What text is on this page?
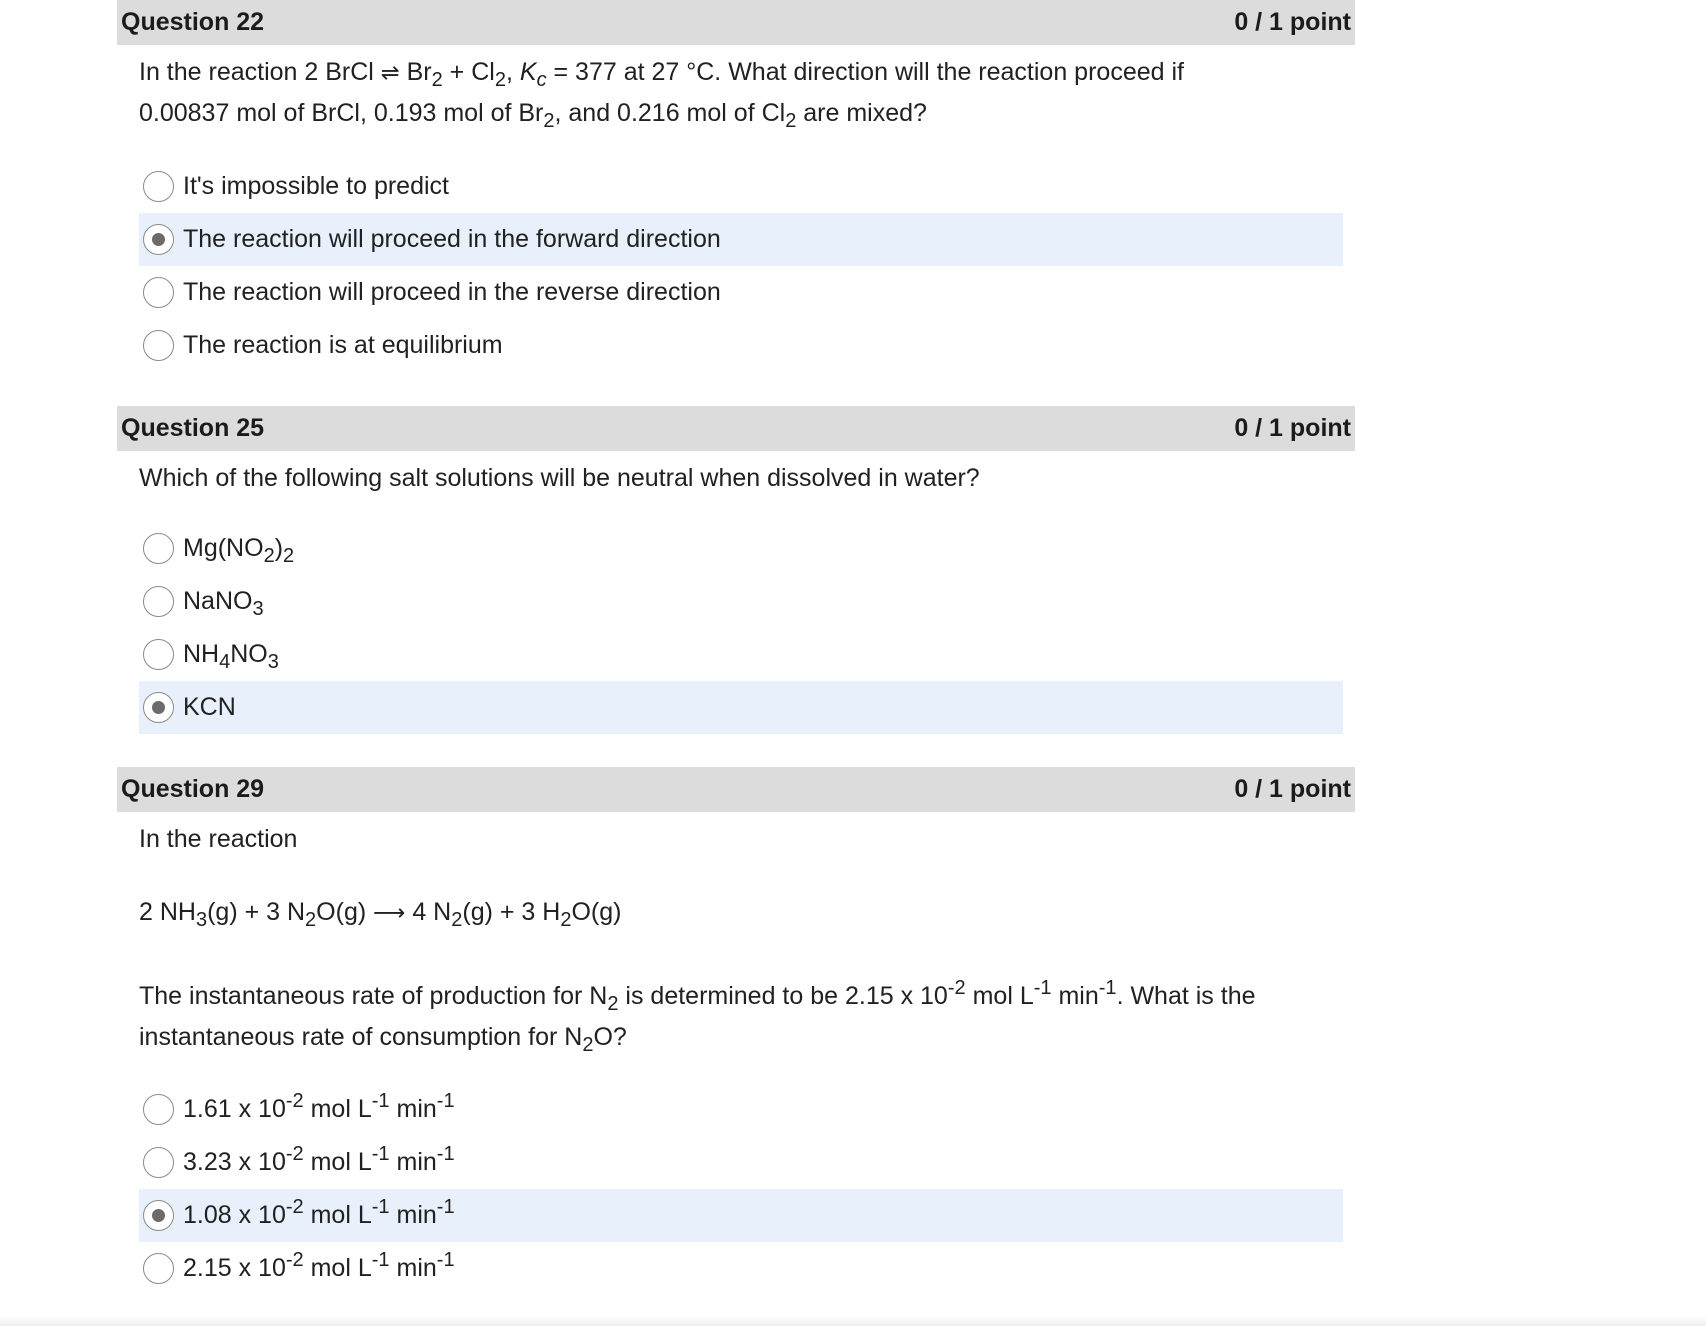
Question 22	0 / 1 point

In the reaction 2 BrCl ⇌ $Br_2 + Cl_2$, $K_c = 377$ at 27 °C. What direction will the reaction proceed if 0.00837 mol of BrCl, 0.193 mol of $Br_2$, and 0.216 mol of $Cl_2$ are mixed?

It's impossible to predict
The reaction will proceed in the forward direction
The reaction will proceed in the reverse direction
The reaction is at equilibrium
Question 25	0 / 1 point

Which of the following salt solutions will be neutral when dissolved in water?

$Mg(NO_2)_2$
NaNO$_3$
$NH_4NO_3$
KCN
Question 29	0 / 1 point

In the reaction

2 $NH_3(g) + 3$ $N_2O(g)$ ⟶ 4 $N_2(g) + 3$ $H_2O(g)$

The instantaneous rate of production for $N_2$ is determined to be 2.15 x $10^{-2}$ mol $L^{-1}$ $\min^{-1}$. What is the instantaneous rate of consumption for $N_2O$?

1.61 x $10^{-2}$ mol $L^{-1}$ $\min^{-1}$
3.23 x $10^{-2}$ mol $L^{-1}$ $\min^{-1}$
1.08 x $10^{-2}$ mol $L^{-1}$ $\min^{-1}$
2.15 x $10^{-2}$ mol $L^{-1}$ $\min^{-1}$
